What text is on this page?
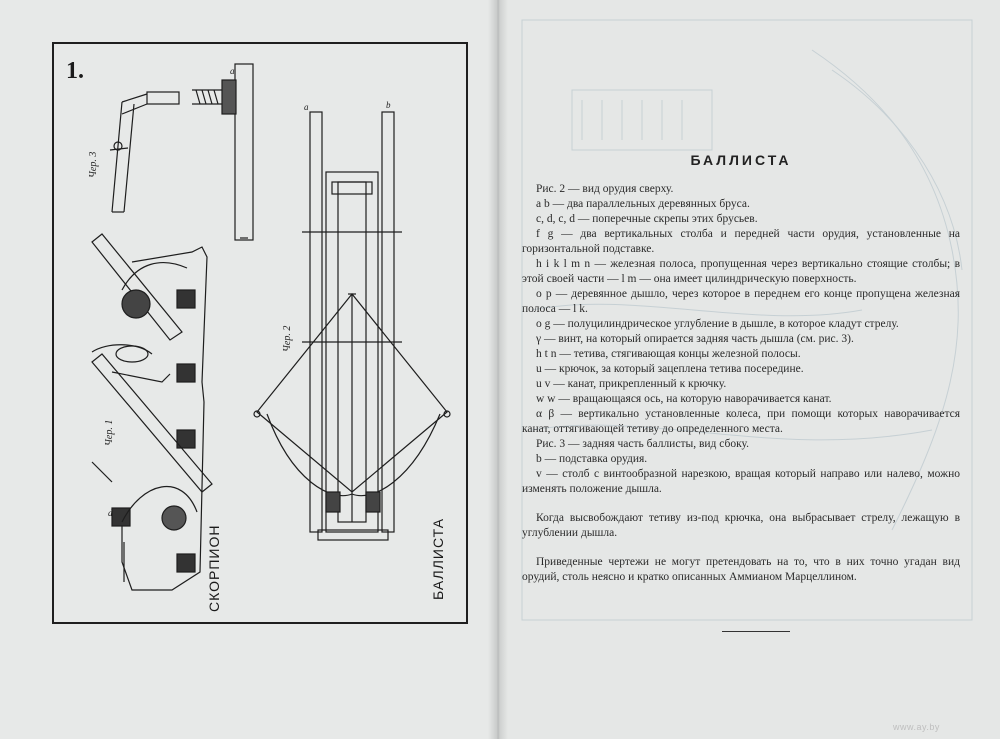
1.	a
a	b
d
СКОРПИОН	БАЛЛИСТА
Чер. 3
Чер. 2
Чер. 1
БАЛЛИСТА

Рис. 2 — вид орудия сверху.

a b — два параллельных деревянных бруса.

c, d, c, d — поперечные скрепы этих брусьев.

f g — два вертикальных столба и передней части орудия, установленные на горизонтальной подставке.

h i k l m n — железная полоса, пропущенная через вертикально стоящие столбы; в этой своей части — l m — она имеет цилиндрическую поверхность.

o p — деревянное дышло, через которое в переднем его конце пропущена железная полоса — l k.

o g — полуцилиндрическое углубление в дышле, в которое кладут стрелу.

γ — винт, на который опирается задняя часть дышла (см. рис. 3).

h t n — тетива, стягивающая концы железной полосы.

u — крючок, за который зацеплена тетива посередине.

u v — канат, прикрепленный к крючку.

w w — вращающаяся ось, на которую наворачивается канат.

α β — вертикально установленные колеса, при помощи которых наворачивается канат, оттягивающей тетиву до определенного места.

Рис. 3 — задняя часть баллисты, вид сбоку.

b — подставка орудия.

v — столб с винтообразной нарезкою, вращая который направо или налево, можно изменять положение дышла.

Когда высвобождают тетиву из-под крючка, она выбрасывает стрелу, лежащую в углублении дышла.

Приведенные чертежи не могут претендовать на то, что в них точно угадан вид орудий, столь неясно и кратко описанных Аммианом Марцеллином.

www.ay.by
